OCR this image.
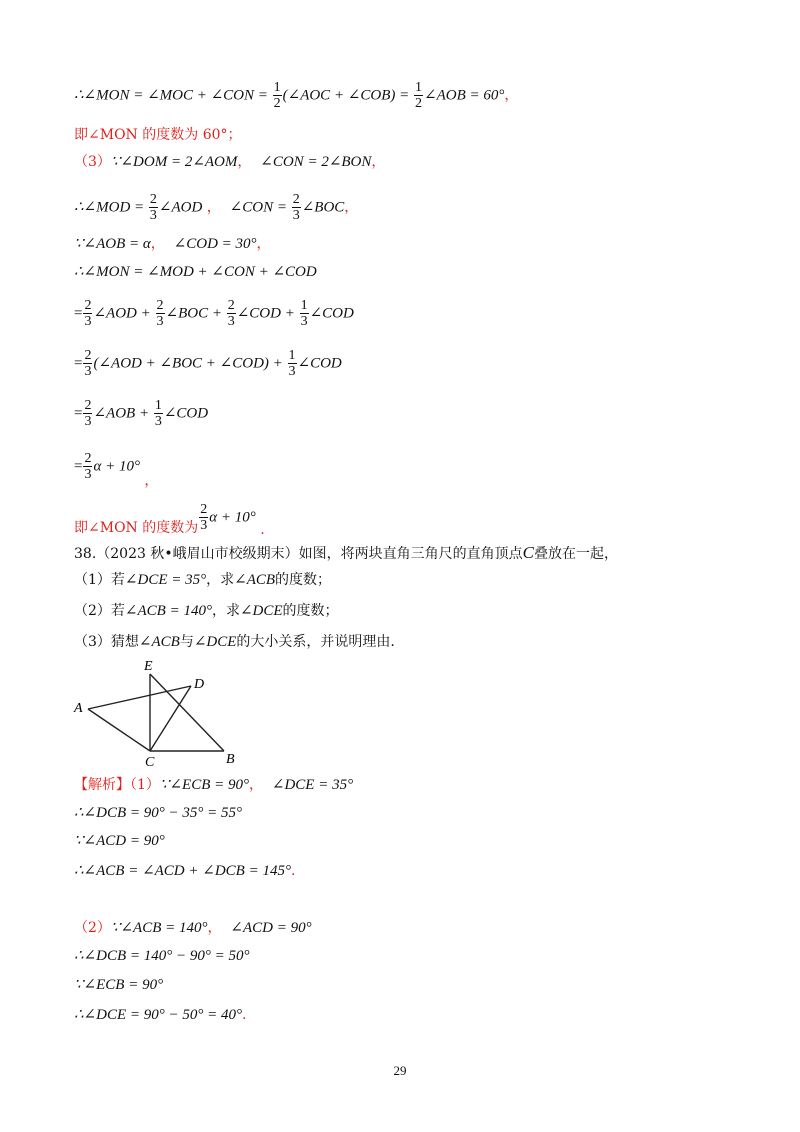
∴∠MON = ∠MOC + ∠CON = $\frac{1}{2}$ (∠AOC + ∠COB) = $\frac{1}{2}$ ∠AOB = 60°，
即∠MON 的度数为 60°；
（3）∵∠DOM = 2∠AOM， ∠CON = 2∠BON，
∴∠MOD = $\frac{2}{3}$ ∠AOD ， ∠CON = $\frac{2}{3}$ ∠BOC，
∵∠AOB = α， ∠COD = 30°，
∴∠MON = ∠MOD + ∠CON + ∠COD
= $\frac{2}{3}$ ∠AOD + $\frac{2}{3}$ ∠BOC + $\frac{2}{3}$ ∠COD + $\frac{1}{3}$ ∠COD
= $\frac{2}{3}$ (∠AOD + ∠BOC + ∠COD) + $\frac{1}{3}$ ∠COD
= $\frac{2}{3}$ ∠AOB + $\frac{1}{3}$ ∠COD
= $\frac{2}{3}$ α + 10° ，
即∠MON 的度数为 $\frac{2}{3}$ α + 10° .
38.（2023 秋•峨眉山市校级期末）如图，将两块直角三角尺的直角顶点C叠放在一起，
（1）若∠DCE = 35°，求∠ACB的度数；
（2）若∠ACB = 140°，求∠DCE的度数；
（3）猜想∠ACB与∠DCE的大小关系，并说明理由.
E
D
A
C	B
【解析】（1）∵∠ECB = 90°， ∠DCE = 35°
∴∠DCB = 90° − 35° = 55°
∵∠ACD = 90°
∴∠ACB = ∠ACD + ∠DCB = 145°.
（2）∵∠ACB = 140°， ∠ACD = 90°
∴∠DCB = 140° − 90° = 50°
∵∠ECB = 90°
∴∠DCE = 90° − 50° = 40°.
29
